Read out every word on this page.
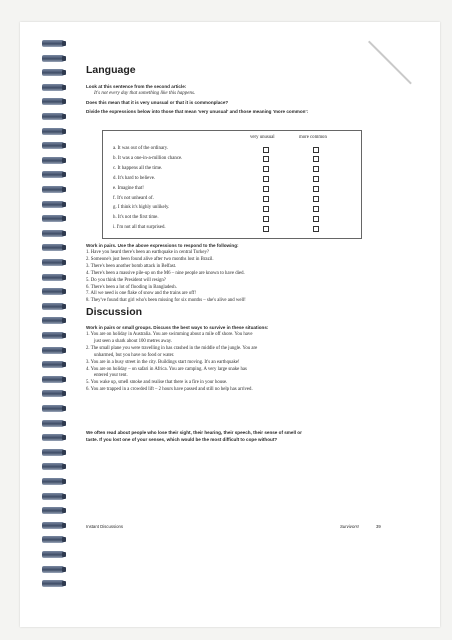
Language

Look at this sentence from the second article:

It's not every day that something like this happens.

Does this mean that it is very unusual or that it is commonplace?

Divide the expressions below into those that mean 'very unusual' and those meaning 'more common':

very unusual	more common
a. It was out of the ordinary.
b. It was a one-in-a-million chance.
c. It happens all the time.
d. It's hard to believe.
e. Imagine that!
f. It's not unheard of.
g. I think it's highly unlikely.
h. It's not the first time.
i. I'm not all that surprised.

Work in pairs. Use the above expressions to respond to the following:

1. Have you heard there's been an earthquake in central Turkey?
2. Someone's just been found alive after two months lost in Brazil.
3. There's been another bomb attack in Belfast.
4. There's been a massive pile-up on the M6 – nine people are known to have died.
5. Do you think the President will resign?
6. There's been a lot of flooding in Bangladesh.
7. All we need is one flake of snow and the trains are off!
8. They've found that girl who's been missing for six months – she's alive and well!
Discussion

Work in pairs or small groups. Discuss the best ways to survive in these situations:

1. You are on holiday in Australia. You are swimming about a mile off shore. You have
just seen a shark about 100 metres away.
2. The small plane you were travelling in has crashed in the middle of the jungle. You are
unharmed, but you have no food or water.
3. You are in a busy street in the city. Buildings start moving. It's an earthquake!
4. You are on holiday – on safari in Africa. You are camping. A very large snake has
entered your tent.
5. You wake up, smell smoke and realise that there is a fire in your house.
6. You are trapped in a crowded lift – 2 hours have passed and still no help has arrived.

We often read about people who lose their sight, their hearing, their speech, their sense of smell or

taste. If you lost one of your senses, which would be the most difficult to cope without?

Instant Discussions	Survivors!	39
